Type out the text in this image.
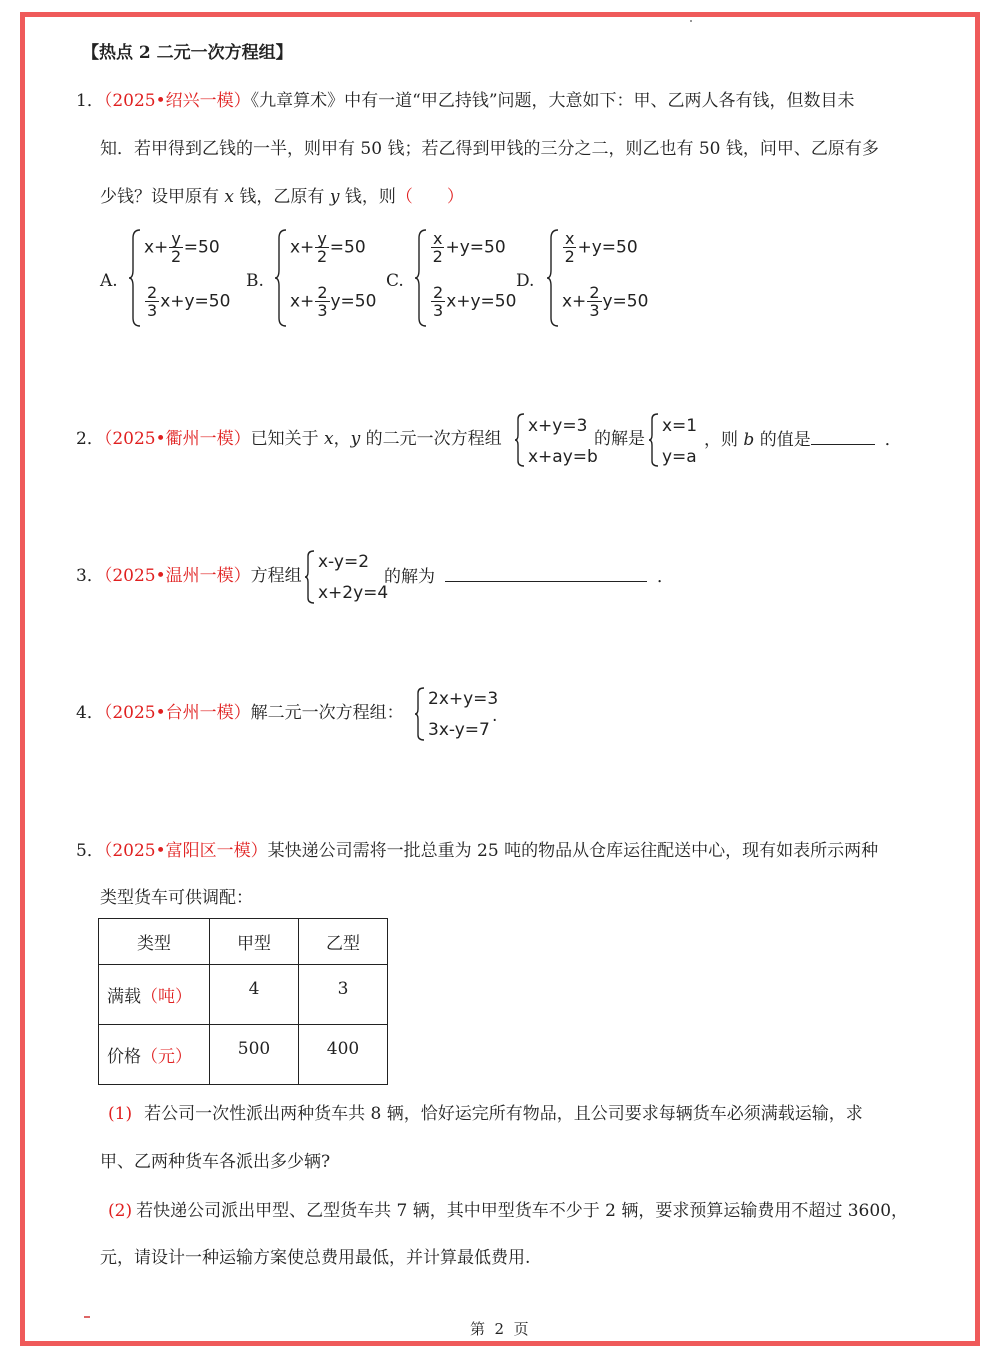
【热点 2 二元一次方程组】
1．（2025•绍兴一模）《九章算术》中有一道“甲乙持钱”问题，大意如下：甲、乙两人各有钱，但数目未
知．若甲得到乙钱的一半，则甲有 50 钱；若乙得到甲钱的三分之二，则乙也有 50 钱，问甲、乙原有多
少钱？设甲原有 x 钱，乙原有 y 钱，则（　　）
A.
$x+ \frac{y}{2} =50$
$\frac{2}{3} x+y=50$
B.
$x+ \frac{y}{2} =50$
$x+ \frac{2}{3} y=50$
C.
$\frac{x}{2} +y=50$
$\frac{2}{3} x+y=50$
D.
$\frac{x}{2} +y=50$
$x+ \frac{2}{3} y=50$
2．（2025•衢州一模）已知关于 x，y 的二元一次方程组
x+y=3
x+ay=b
的解是
x=1
y=a
，则 b 的值是	．
3．（2025•温州一模）方程组
x-y=2
x+2y=4
的解为	．
4．（2025•台州一模）解二元一次方程组：
2x+y=3
3x-y=7
.
5．（2025•富阳区一模）某快递公司需将一批总重为 25 吨的物品从仓库运往配送中心，现有如表所示两种
类型货车可供调配：
类型	甲型	乙型
满载（吨）	4	3
价格（元）	500	400
(1) 若公司一次性派出两种货车共 8 辆，恰好运完所有物品，且公司要求每辆货车必须满载运输，求
甲、乙两种货车各派出多少辆?
(2) 若快递公司派出甲型、乙型货车共 7 辆，其中甲型货车不少于 2 辆，要求预算运输费用不超过 3600，
元，请设计一种运输方案使总费用最低，并计算最低费用.
第  2  页
